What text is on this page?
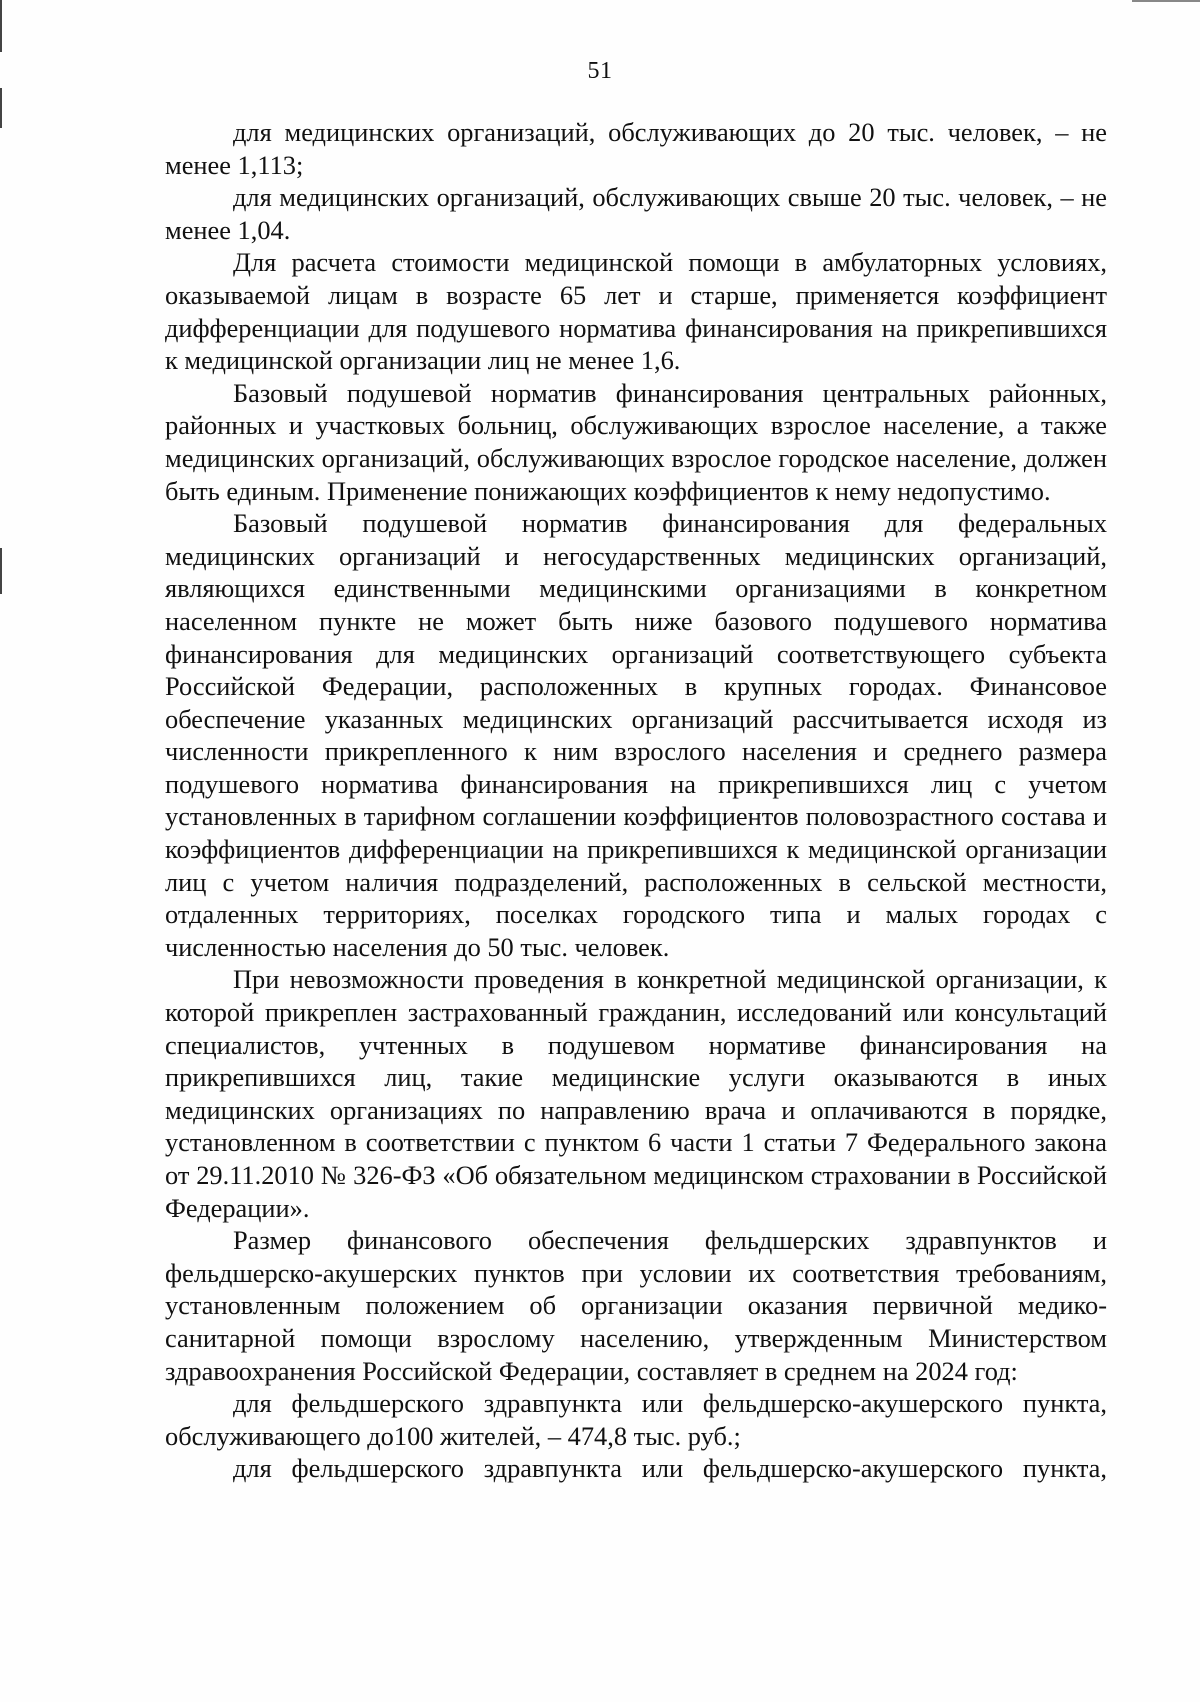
51

для медицинских организаций, обслуживающих до 20 тыс. человек, – не менее 1,113;

для медицинских организаций, обслуживающих свыше 20 тыс. человек, – не менее 1,04.

Для расчета стоимости медицинской помощи в амбулаторных условиях, оказываемой лицам в возрасте 65 лет и старше, применяется коэффициент дифференциации для подушевого норматива финансирования на прикрепившихся к медицинской организации лиц не менее 1,6.

Базовый подушевой норматив финансирования центральных районных, районных и участковых больниц, обслуживающих взрослое население, а также медицинских организаций, обслуживающих взрослое городское население, должен быть единым. Применение понижающих коэффициентов к нему недопустимо.

Базовый подушевой норматив финансирования для федеральных медицинских организаций и негосударственных медицинских организаций, являющихся единственными медицинскими организациями в конкретном населенном пункте не может быть ниже базового подушевого норматива финансирования для медицинских организаций соответствующего субъекта Российской Федерации, расположенных в крупных городах. Финансовое обеспечение указанных медицинских организаций рассчитывается исходя из численности прикрепленного к ним взрослого населения и среднего размера подушевого норматива финансирования на прикрепившихся лиц с учетом установленных в тарифном соглашении коэффициентов половозрастного состава и коэффициентов дифференциации на прикрепившихся к медицинской организации лиц с учетом наличия подразделений, расположенных в сельской местности, отдаленных территориях, поселках городского типа и малых городах с численностью населения до 50 тыс. человек.

При невозможности проведения в конкретной медицинской организации, к которой прикреплен застрахованный гражданин, исследований или консультаций специалистов, учтенных в подушевом нормативе финансирования на прикрепившихся лиц, такие медицинские услуги оказываются в иных медицинских организациях по направлению врача и оплачиваются в порядке, установленном в соответствии с пунктом 6 части 1 статьи 7 Федерального закона от 29.11.2010 № 326-ФЗ «Об обязательном медицинском страховании в Российской Федерации».

Размер финансового обеспечения фельдшерских здравпунктов и фельдшерско-акушерских пунктов при условии их соответствия требованиям, установленным положением об организации оказания первичной медико-санитарной помощи взрослому населению, утвержденным Министерством здравоохранения Российской Федерации, составляет в среднем на 2024 год:

для фельдшерского здравпункта или фельдшерско-акушерского пункта, обслуживающего до100 жителей, – 474,8 тыс. руб.;

для фельдшерского здравпункта или фельдшерско-акушерского пункта,
